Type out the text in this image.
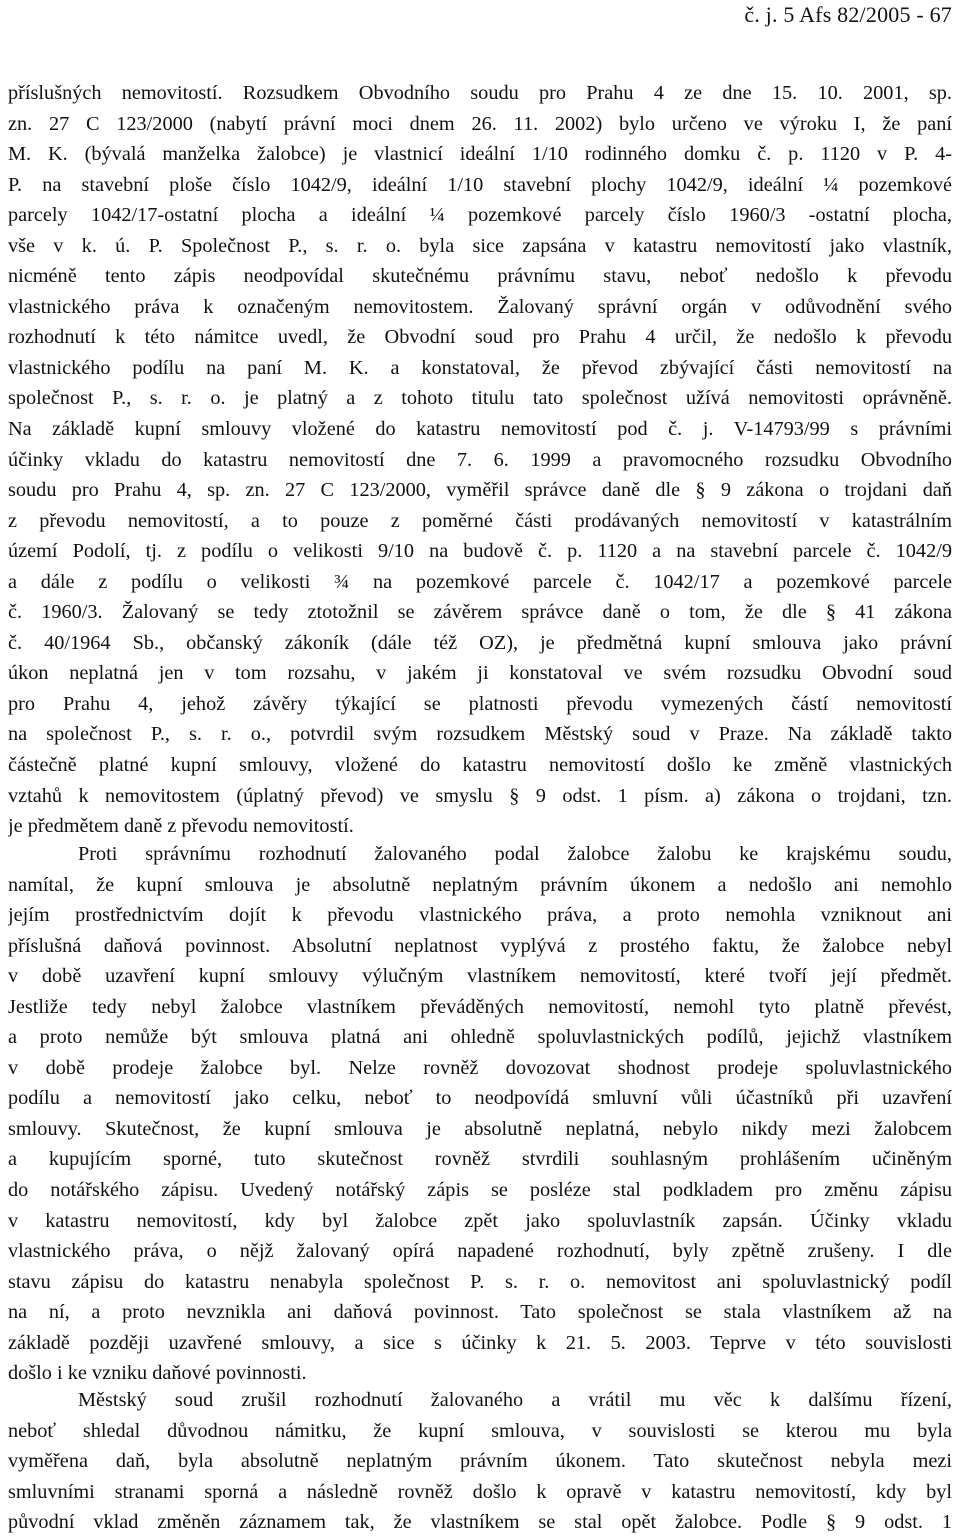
č. j. 5 Afs 82/2005 - 67
příslušných nemovitostí. Rozsudkem Obvodního soudu pro Prahu 4 ze dne 15. 10. 2001, sp.
zn. 27 C 123/2000 (nabytí právní moci dnem 26. 11. 2002) bylo určeno ve výroku I, že paní
M. K. (bývalá manželka žalobce) je vlastnicí ideální 1/10 rodinného domku č. p. 1120 v P. 4-
P. na stavební ploše číslo 1042/9, ideální 1/10 stavební plochy 1042/9, ideální ¼ pozemkové
parcely 1042/17-ostatní plocha a ideální ¼ pozemkové parcely číslo 1960/3 -ostatní plocha,
vše v k. ú. P. Společnost P., s. r. o. byla sice zapsána v katastru nemovitostí jako vlastník,
nicméně tento zápis neodpovídal skutečnému právnímu stavu, neboť nedošlo k převodu
vlastnického práva k označeným nemovitostem. Žalovaný správní orgán v odůvodnění svého
rozhodnutí k této námitce uvedl, že Obvodní soud pro Prahu 4 určil, že nedošlo k převodu
vlastnického podílu na paní M. K. a konstatoval, že převod zbývající části nemovitostí na
společnost P., s. r. o. je platný a z tohoto titulu tato společnost užívá nemovitosti oprávněně.
Na základě kupní smlouvy vložené do katastru nemovitostí pod č. j. V-14793/99 s právními
účinky vkladu do katastru nemovitostí dne 7. 6. 1999 a pravomocného rozsudku Obvodního
soudu pro Prahu 4, sp. zn. 27 C 123/2000, vyměřil správce daně dle § 9 zákona o trojdani daň
z převodu nemovitostí, a to pouze z poměrné části prodávaných nemovitostí v katastrálním
území Podolí, tj. z podílu o velikosti 9/10 na budově č. p. 1120 a na stavební parcele č. 1042/9
a dále z podílu o velikosti ¾ na pozemkové parcele č. 1042/17 a pozemkové parcele
č. 1960/3. Žalovaný se tedy ztotožnil se závěrem správce daně o tom, že dle § 41 zákona
č. 40/1964 Sb., občanský zákoník (dále též OZ), je předmětná kupní smlouva jako právní
úkon neplatná jen v tom rozsahu, v jakém ji konstatoval ve svém rozsudku Obvodní soud
pro Prahu 4, jehož závěry týkající se platnosti převodu vymezených částí nemovitostí
na společnost P., s. r. o., potvrdil svým rozsudkem Městský soud v Praze. Na základě takto
částečně platné kupní smlouvy, vložené do katastru nemovitostí došlo ke změně vlastnických
vztahů k nemovitostem (úplatný převod) ve smyslu § 9 odst. 1 písm. a) zákona o trojdani, tzn.
je předmětem daně z převodu nemovitostí.
Proti správnímu rozhodnutí žalovaného podal žalobce žalobu ke krajskému soudu,
namítal, že kupní smlouva je absolutně neplatným právním úkonem a nedošlo ani nemohlo
jejím prostřednictvím dojít k převodu vlastnického práva, a proto nemohla vzniknout ani
příslušná daňová povinnost. Absolutní neplatnost vyplývá z prostého faktu, že žalobce nebyl
v době uzavření kupní smlouvy výlučným vlastníkem nemovitostí, které tvoří její předmět.
Jestliže tedy nebyl žalobce vlastníkem převáděných nemovitostí, nemohl tyto platně převést,
a proto nemůže být smlouva platná ani ohledně spoluvlastnických podílů, jejichž vlastníkem
v době prodeje žalobce byl. Nelze rovněž dovozovat shodnost prodeje spoluvlastnického
podílu a nemovitostí jako celku, neboť to neodpovídá smluvní vůli účastníků při uzavření
smlouvy. Skutečnost, že kupní smlouva je absolutně neplatná, nebylo nikdy mezi žalobcem
a kupujícím sporné, tuto skutečnost rovněž stvrdili souhlasným prohlášením učiněným
do notářského zápisu. Uvedený notářský zápis se posléze stal podkladem pro změnu zápisu
v katastru nemovitostí, kdy byl žalobce zpět jako spoluvlastník zapsán. Účinky vkladu
vlastnického práva, o nějž žalovaný opírá napadené rozhodnutí, byly zpětně zrušeny. I dle
stavu zápisu do katastru nenabyla společnost P. s. r. o. nemovitost ani spoluvlastnický podíl
na ní, a proto nevznikla ani daňová povinnost. Tato společnost se stala vlastníkem až na
základě později uzavřené smlouvy, a sice s účinky k 21. 5. 2003. Teprve v této souvislosti
došlo i ke vzniku daňové povinnosti.
Městský soud zrušil rozhodnutí žalovaného a vrátil mu věc k dalšímu řízení,
neboť shledal důvodnou námitku, že kupní smlouva, v souvislosti se kterou mu byla
vyměřena daň, byla absolutně neplatným právním úkonem. Tato skutečnost nebyla mezi
smluvními stranami sporná a následně rovněž došlo k opravě v katastru nemovitostí, kdy byl
původní vklad změněn záznamem tak, že vlastníkem se stal opět žalobce. Podle § 9 odst. 1
